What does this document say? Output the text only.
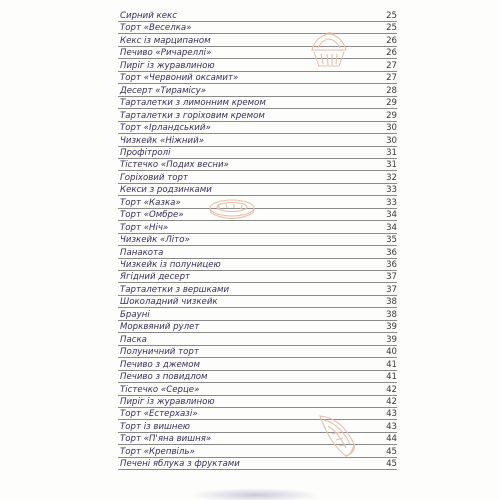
Сирний кекс	25
Торт «Веселка»	25
Кекс із марципаном	26
Печиво «Ричареллі»	26
Пиріг із журавлиною	27
Торт «Червоний оксамит»	27
Десерт «Тирамісу»	28
Тарталетки з лимонним кремом	29
Тарталетки з горіховим кремом	29
Торт «Ірландський»	30
Чизкейк «Ніжний»	30
Профітролі	31
Тістечко «Подих весни»	31
Горіховий торт	32
Кекси з родзинками	33
Торт «Казка»	33
Торт «Омбре»	34
Торт «Ніч»	34
Чизкейк «Літо»	35
Панакота	36
Чизкейк із полуницею	36
Ягідний десерт	37
Тарталетки з вершками	37
Шоколадний чизкейк	38
Брауні	38
Морквяний рулет	39
Паска	39
Полуничний торт	40
Печиво з джемом	41
Печиво з повидлом	41
Тістечко «Серце»	42
Пиріг із журавлиною	42
Торт «Естерхазі»	43
Торт із вишнею	43
Торт «П'яна вишня»	44
Торт «Крепвіль»	45
Печені яблука з фруктами	45
